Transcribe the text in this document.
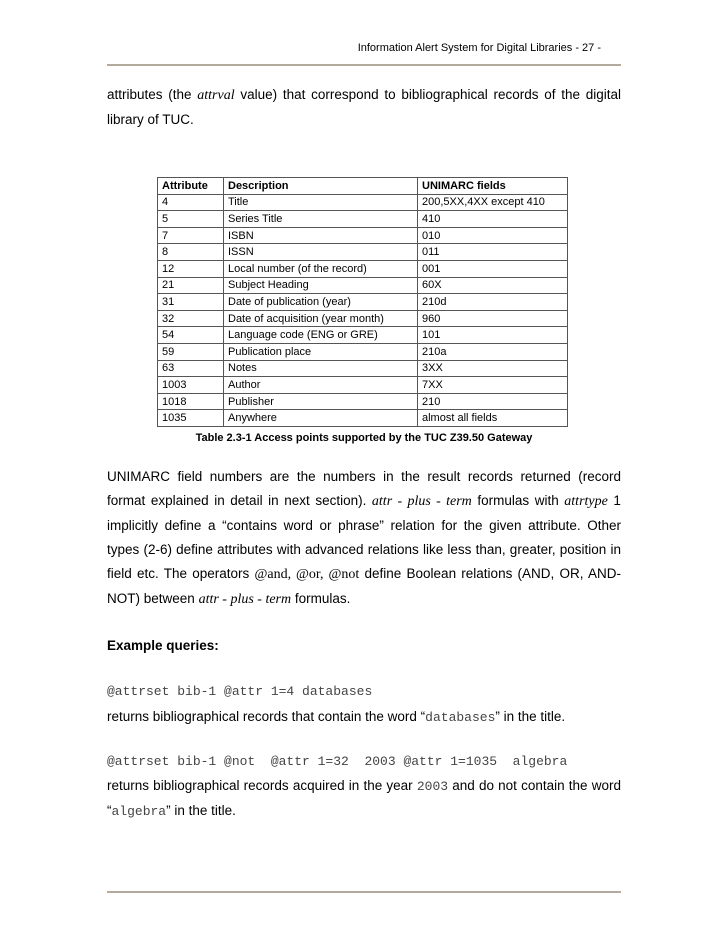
Information Alert System for Digital Libraries - 27 -
attributes (the attrval value) that correspond to bibliographical records of the digital library of TUC.
Attribute	Description	UNIMARC fields
4	Title	200,5XX,4XX except 410
5	Series Title	410
7	ISBN	010
8	ISSN	011
12	Local number (of the record)	001
21	Subject Heading	60X
31	Date of publication (year)	210d
32	Date of acquisition (year month)	960
54	Language code (ENG or GRE)	101
59	Publication place	210a
63	Notes	3XX
1003	Author	7XX
1018	Publisher	210
1035	Anywhere	almost all fields
Table 2.3-1 Access points supported by the TUC Z39.50 Gateway
UNIMARC field numbers are the numbers in the result records returned (record format explained in detail in next section). attr - plus - term formulas with attrtype 1 implicitly define a “contains word or phrase” relation for the given attribute. Other types (2-6) define attributes with advanced relations like less than, greater, position in field etc. The operators @and, @or, @not define Boolean relations (AND, OR, AND-NOT) between attr - plus - term formulas.
Example queries:
@attrset bib-1 @attr 1=4 databases
returns bibliographical records that contain the word “databases” in the title.
@attrset bib-1 @not  @attr 1=32  2003 @attr 1=1035  algebra
returns bibliographical records acquired in the year 2003 and do not contain the word “algebra” in the title.
